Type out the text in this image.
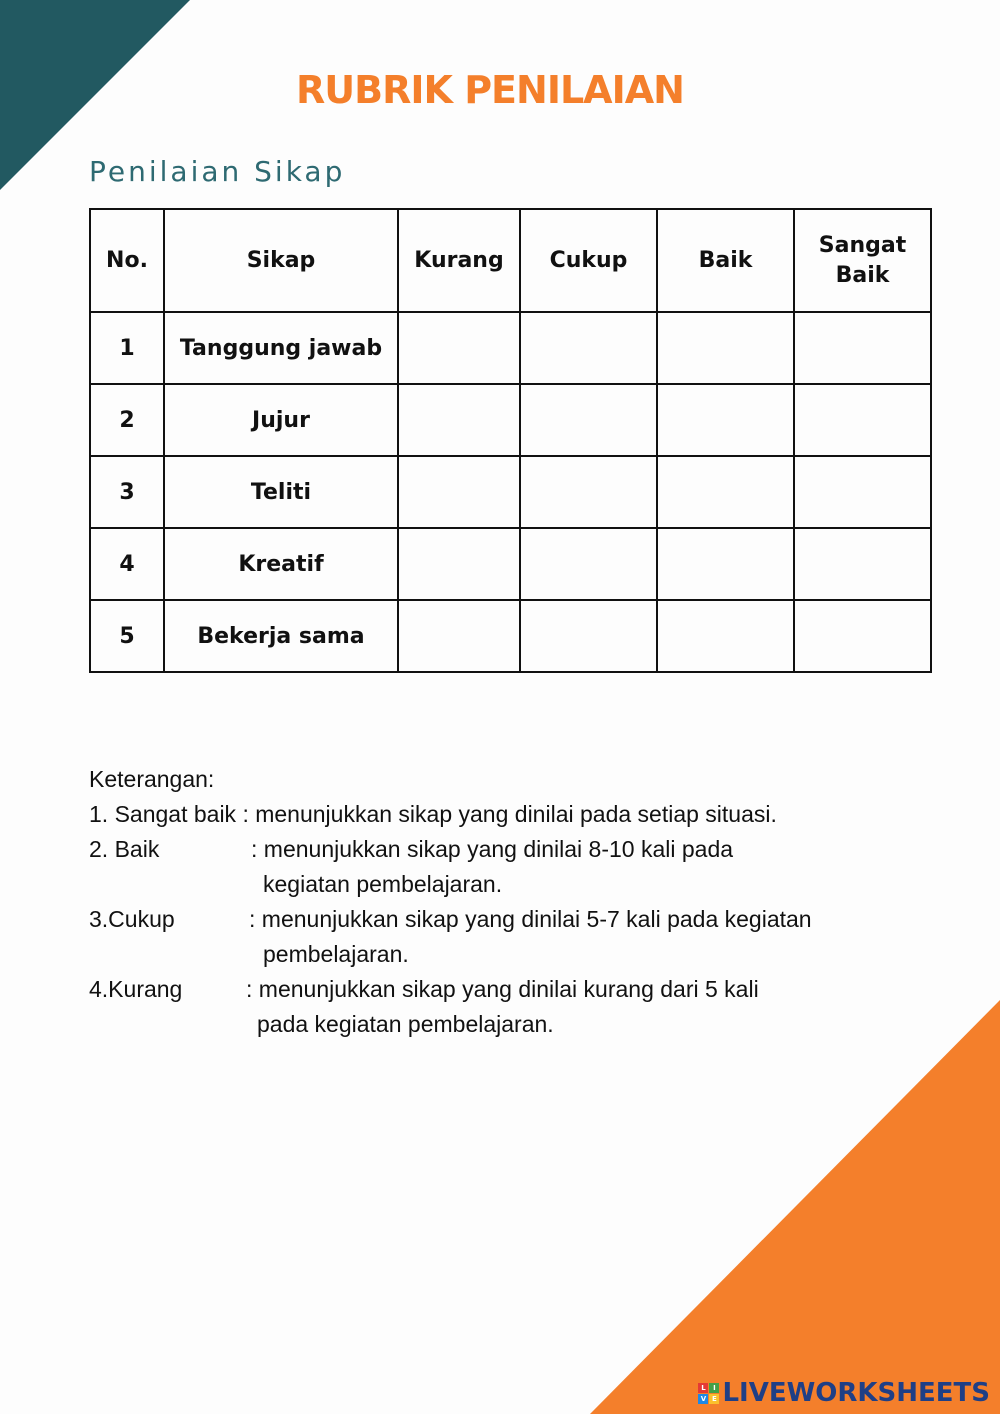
RUBRIK PENILAIAN
Penilaian Sikap
No.	Sikap	Kurang	Cukup	Baik	Sangat Baik
1	Tanggung jawab				
2	Jujur				
3	Teliti				
4	Kreatif				
5	Bekerja sama				
Keterangan:
1. Sangat baik : menunjukkan sikap yang dinilai pada setiap situasi.
2. Baik	: menunjukkan sikap yang dinilai 8-10 kali pada
kegiatan pembelajaran.
3.Cukup	: menunjukkan sikap yang dinilai 5-7 kali pada kegiatan
pembelajaran.
4.Kurang	: menunjukkan sikap yang dinilai kurang dari 5 kali
pada kegiatan pembelajaran.
L	I
V E LIVEWORKSHEETS
